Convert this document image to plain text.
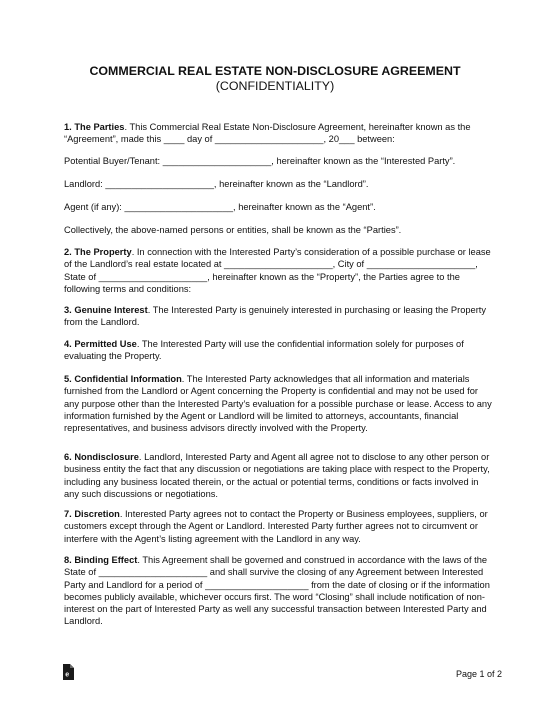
COMMERCIAL REAL ESTATE NON-DISCLOSURE AGREEMENT
(CONFIDENTIALITY)

1. The Parties. This Commercial Real Estate Non-Disclosure Agreement, hereinafter known as the “Agreement”, made this ____ day of _____________________, 20___ between:

Potential Buyer/Tenant: _____________________, hereinafter known as the “Interested Party”.

Landlord: _____________________, hereinafter known as the “Landlord”.

Agent (if any): _____________________, hereinafter known as the “Agent”.

Collectively, the above-named persons or entities, shall be known as the “Parties”.

2. The Property. In connection with the Interested Party’s consideration of a possible purchase or lease of the Landlord’s real estate located at _____________________, City of _____________________, State of _____________________, hereinafter known as the “Property”, the Parties agree to the following terms and conditions:

3. Genuine Interest. The Interested Party is genuinely interested in purchasing or leasing the Property from the Landlord.

4. Permitted Use. The Interested Party will use the confidential information solely for purposes of evaluating the Property.

5. Confidential Information. The Interested Party acknowledges that all information and materials furnished from the Landlord or Agent concerning the Property is confidential and may not be used for any purpose other than the Interested Party’s evaluation for a possible purchase or lease. Access to any information furnished by the Agent or Landlord will be limited to attorneys, accountants, financial representatives, and business advisors directly involved with the Property.

6. Nondisclosure. Landlord, Interested Party and Agent all agree not to disclose to any other person or business entity the fact that any discussion or negotiations are taking place with respect to the Property, including any business located therein, or the actual or potential terms, conditions or facts involved in any such discussions or negotiations.

7. Discretion. Interested Party agrees not to contact the Property or Business employees, suppliers, or customers except through the Agent or Landlord. Interested Party further agrees not to circumvent or interfere with the Agent’s listing agreement with the Landlord in any way.

8. Binding Effect. This Agreement shall be governed and construed in accordance with the laws of the State of _____________________ and shall survive the closing of any Agreement between Interested Party and Landlord for a period of ____________________ from the date of closing or if the information becomes publicly available, whichever occurs first. The word “Closing” shall include notification of non-interest on the part of Interested Party as well any successful transaction between Interested Party and Landlord.

e	Page 1 of 2
